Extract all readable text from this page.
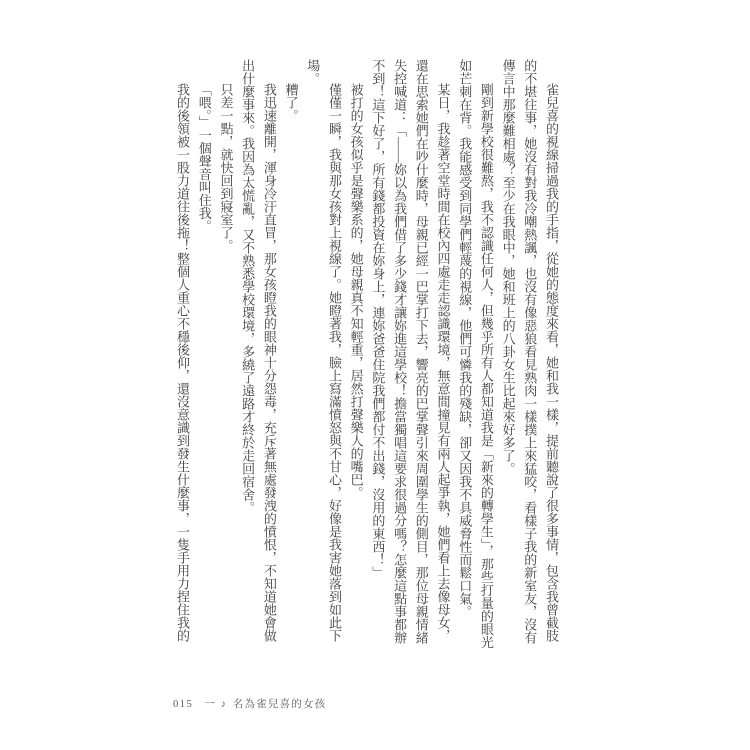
雀兒喜的視線掃過我的手指，從她的態度來看，她和我一樣，提前聽說了很多事情，包含我曾截肢的不堪往事，她沒有對我冷嘲熱諷，也沒有像惡狼看見熟肉一樣撲上來猛咬，看樣子我的新室友，沒有傳言中那麼難相處？至少在我眼中，她和班上的八卦女生比起來好多了。

剛到新學校很難熬，我不認識任何人，但幾乎所有人都知道我是「新來的轉學生」，那些打量的眼光如芒刺在背。我能感受到同學們輕蔑的視線，他們可憐我的殘缺，卻又因我不具威脅性而鬆口氣。

某日，我趁著空堂時間在校內四處走走認識環境，無意間撞見有兩人起爭執，她們看上去像母女，還在思索她們在吵什麼時，母親已經一巴掌打下去，響亮的巴掌聲引來周圍學生的側目，那位母親情緒失控喊道：「——妳以為我們借了多少錢才讓妳進這學校！擔當獨唱這要求很過分嗎？怎麼這點事都辦不到！這下好了，所有錢都投資在妳身上，連妳爸爸住院我們都付不出錢，沒用的東西！」

被打的女孩似乎是聲樂系的，她母親真不知輕重，居然打聲樂人的嘴巴。

僅僅一瞬，我與那女孩對上視線了。她瞪著我，臉上寫滿憤怒與不甘心，好像是我害她落到如此下場。

糟了。

我迅速離開，渾身冷汗直冒，那女孩瞪我的眼神十分怨毒，充斥著無處發洩的憤恨，不知道她會做出什麼事來。我因為太慌亂，又不熟悉學校環境，多繞了遠路才終於走回宿舍。

只差一點，就快回到寢室了。

「喂。」一個聲音叫住我。

我的後領被一股力道往後拖！整個人重心不穩後仰，還沒意識到發生什麼事，一隻手用力捏住我的

015 一 ♪ 名為雀兒喜的女孩
